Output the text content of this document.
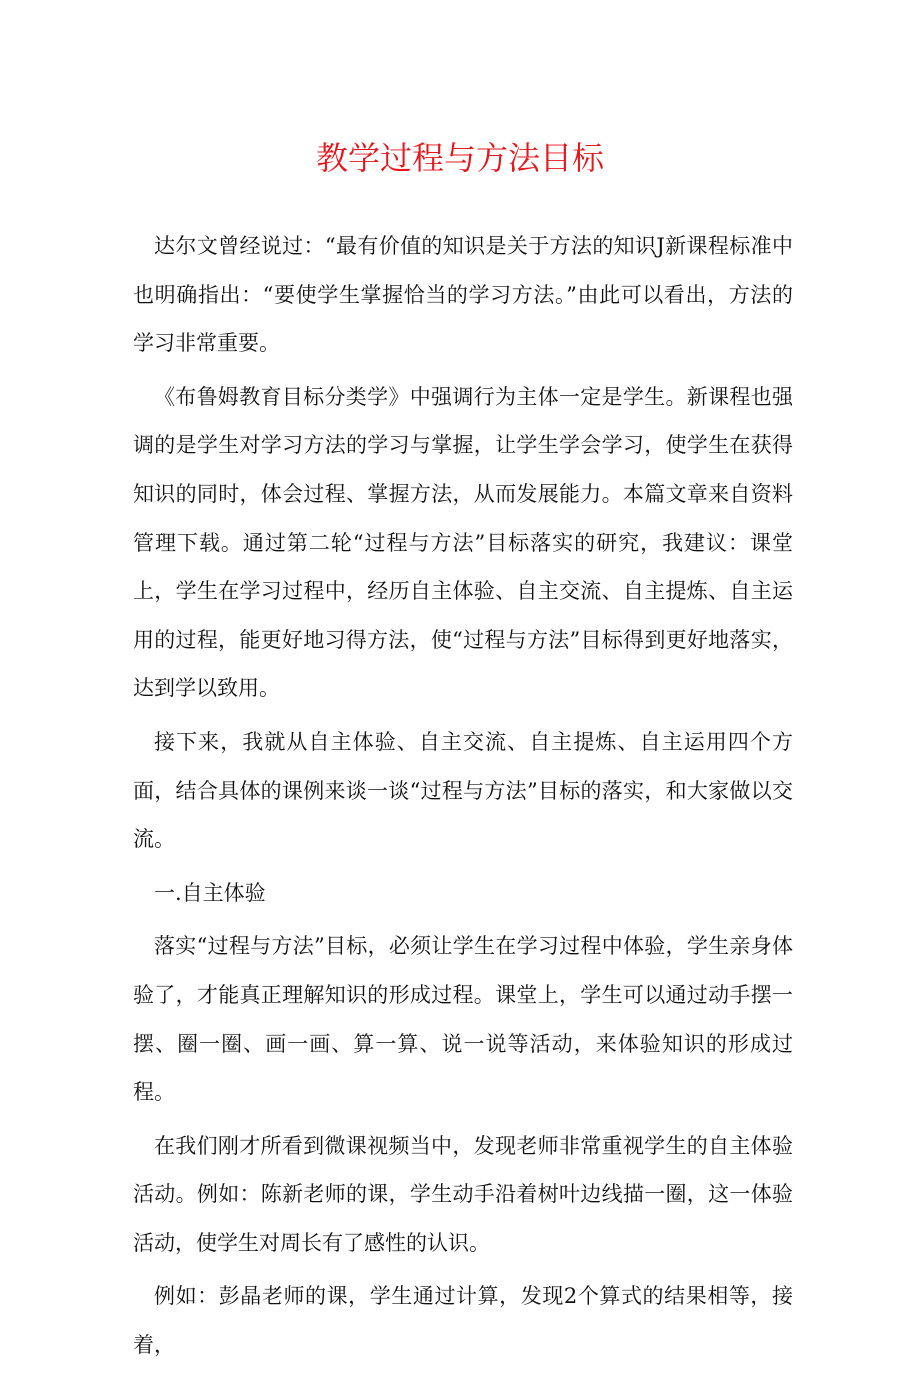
教学过程与方法目标

达尔文曾经说过：“最有价值的知识是关于方法的知识J新课程标准中也明确指出：“要使学生掌握恰当的学习方法。”由此可以看出，方法的学习非常重要。

《布鲁姆教育目标分类学》中强调行为主体一定是学生。新课程也强调的是学生对学习方法的学习与掌握，让学生学会学习，使学生在获得知识的同时，体会过程、掌握方法，从而发展能力。本篇文章来自资料管理下载。通过第二轮“过程与方法”目标落实的研究，我建议：课堂上，学生在学习过程中，经历自主体验、自主交流、自主提炼、自主运用的过程，能更好地习得方法，使“过程与方法”目标得到更好地落实，达到学以致用。

接下来，我就从自主体验、自主交流、自主提炼、自主运用四个方面，结合具体的课例来谈一谈“过程与方法”目标的落实，和大家做以交流。

一.自主体验

落实“过程与方法”目标，必须让学生在学习过程中体验，学生亲身体验了，才能真正理解知识的形成过程。课堂上，学生可以通过动手摆一摆、圈一圈、画一画、算一算、说一说等活动，来体验知识的形成过程。

在我们刚才所看到微课视频当中，发现老师非常重视学生的自主体验活动。例如：陈新老师的课，学生动手沿着树叶边线描一圈，这一体验活动，使学生对周长有了感性的认识。

例如：彭晶老师的课，学生通过计算，发现2个算式的结果相等，接着，
